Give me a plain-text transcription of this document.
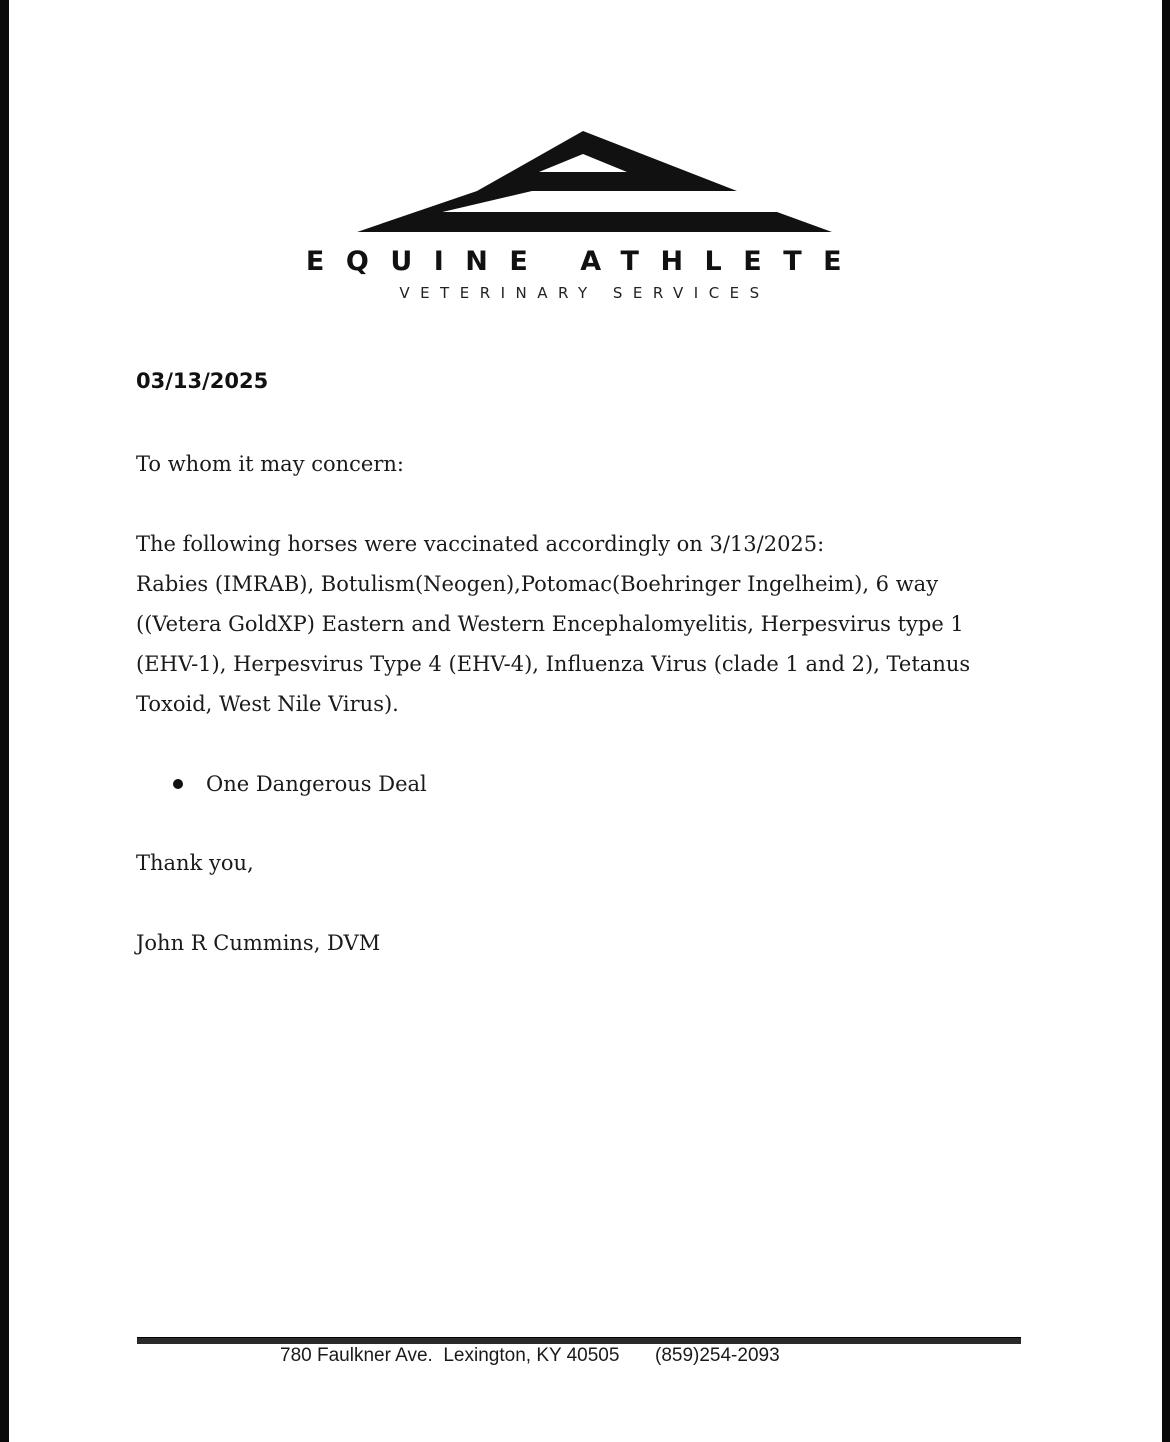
EQUINE ATHLETE
VETERINARY SERVICES
03/13/2025
To whom it may concern:
The following horses were vaccinated accordingly on 3/13/2025:
Rabies (IMRAB), Botulism(Neogen),Potomac(Boehringer Ingelheim), 6 way ((Vetera GoldXP) Eastern and Western Encephalomyelitis, Herpesvirus type 1 (EHV-1), Herpesvirus Type 4 (EHV-4), Influenza Virus (clade 1 and 2), Tetanus Toxoid, West Nile Virus).
One Dangerous Deal
Thank you,
John R Cummins, DVM
780 Faulkner Ave.  Lexington, KY 40505 (859)254-2093
